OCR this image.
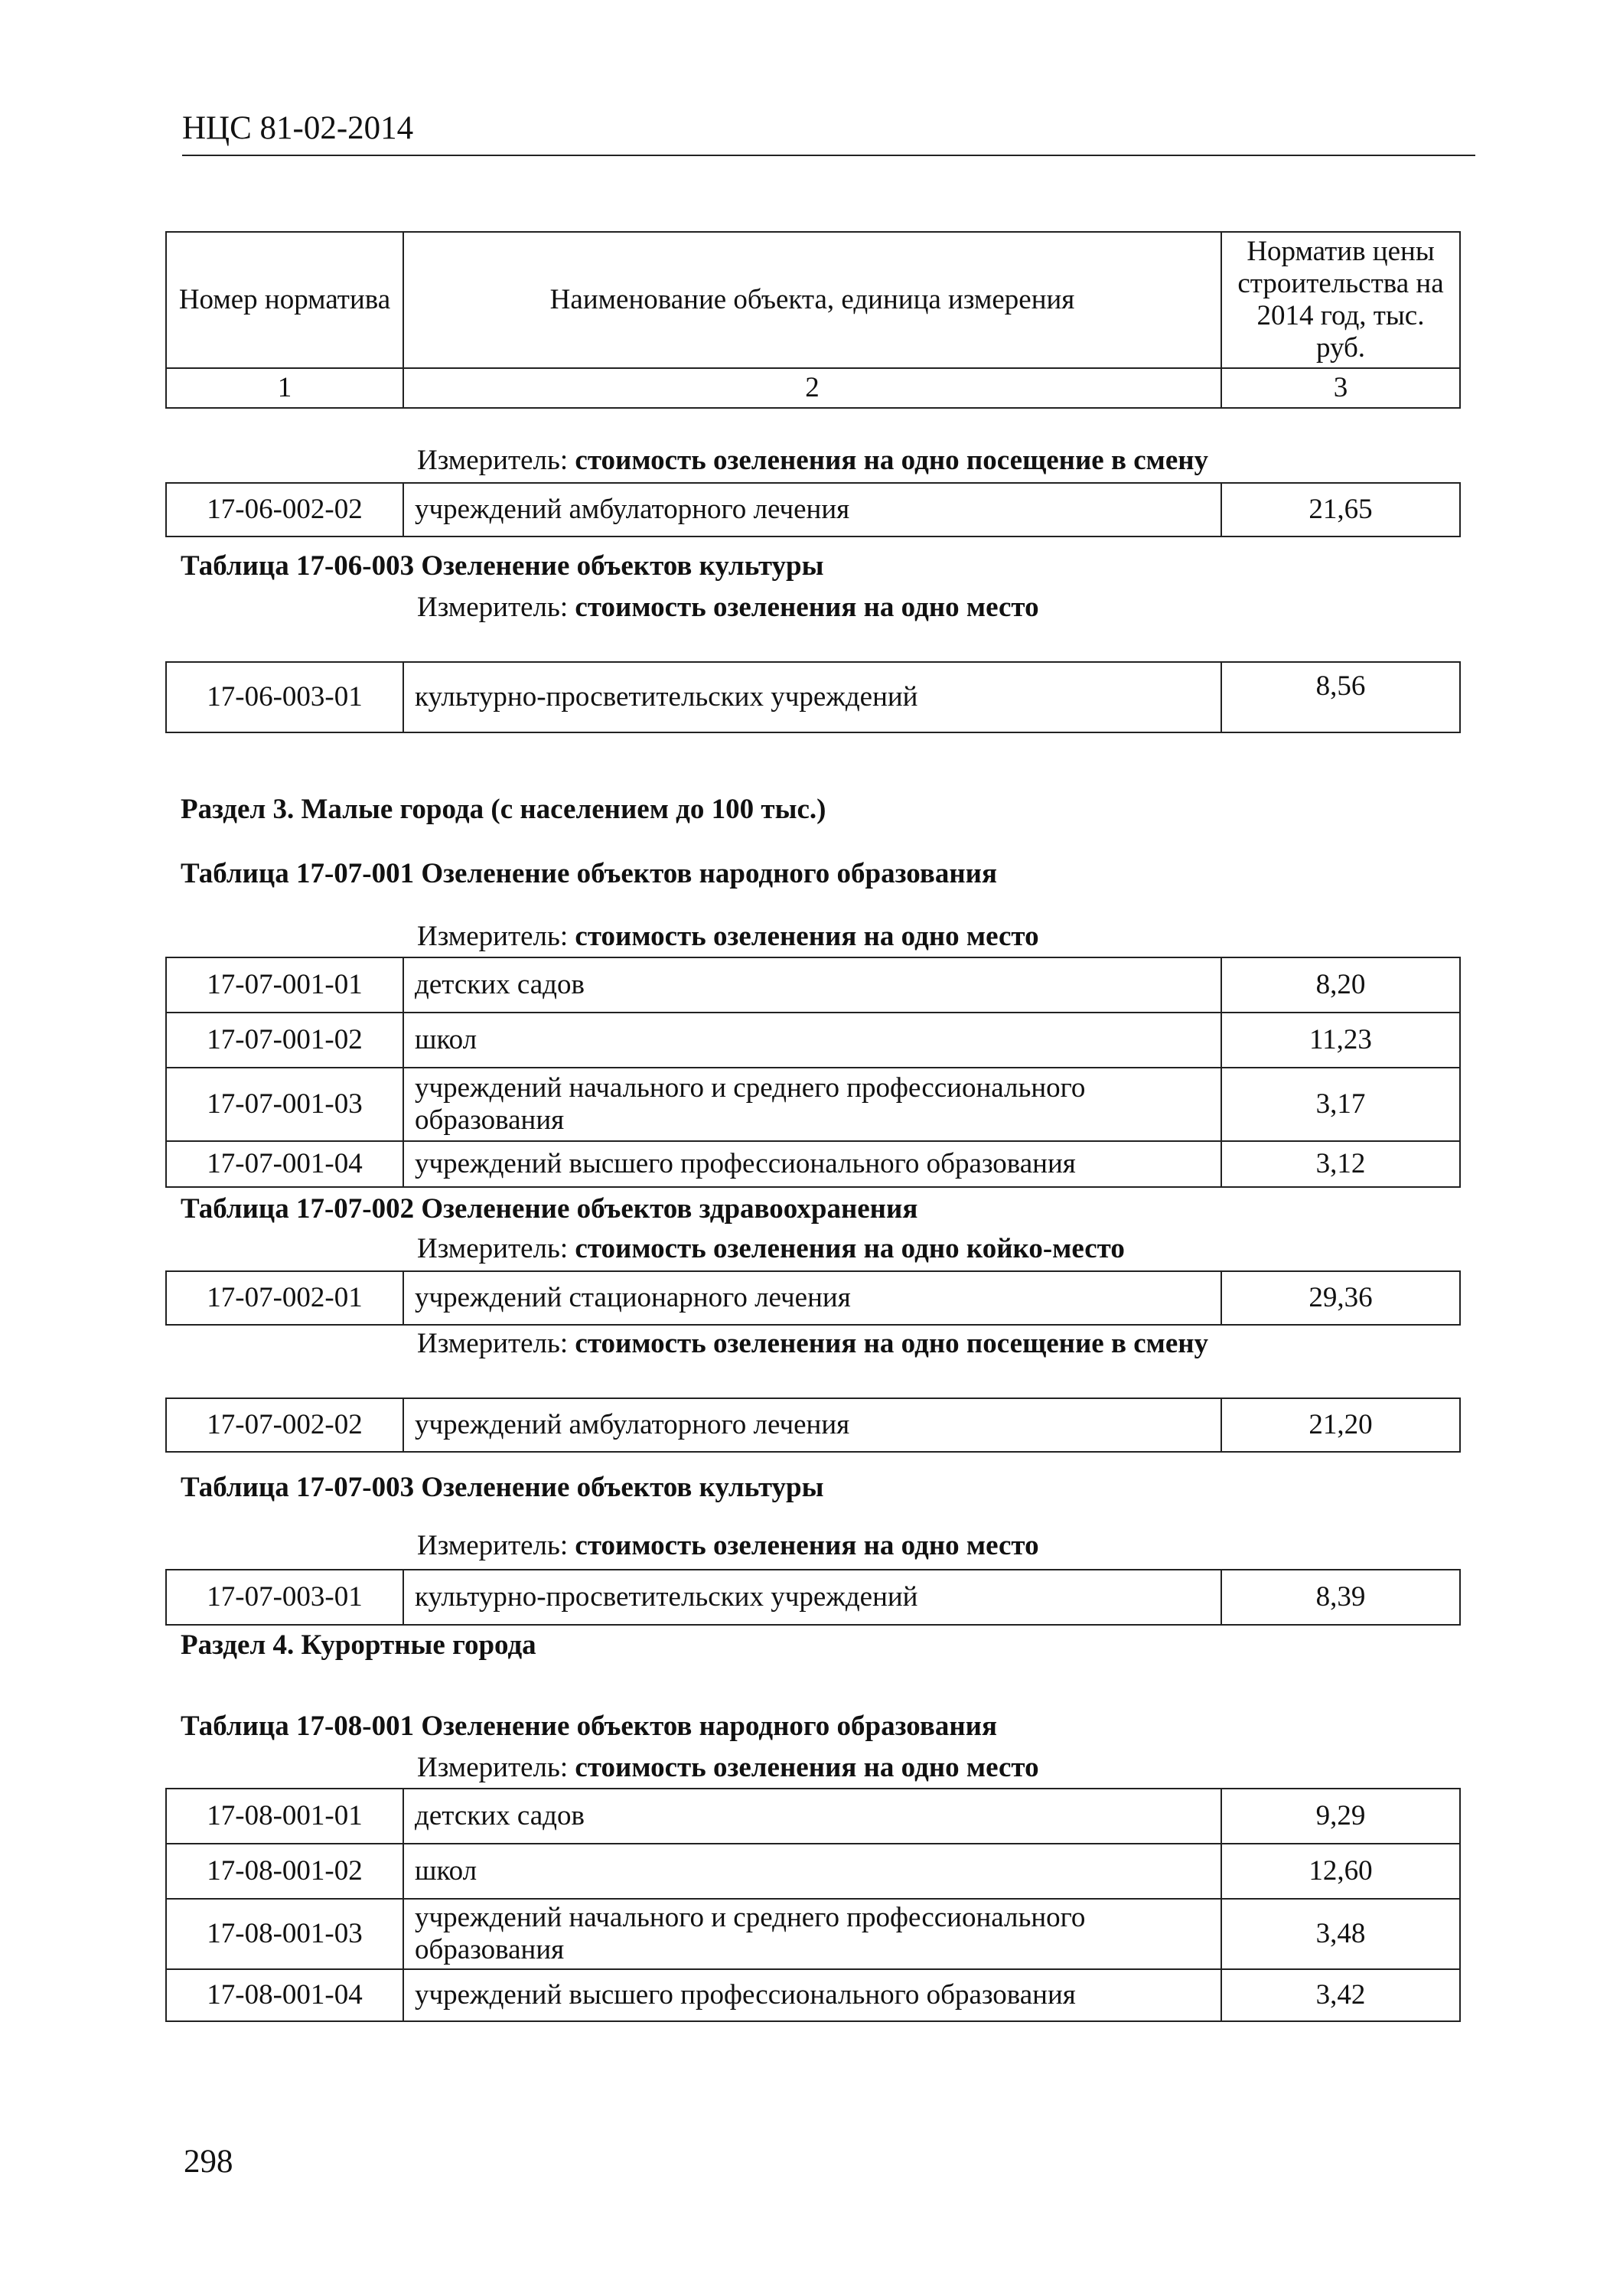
НЦС 81-02-2014
Номер норматива	Наименование объекта, единица измерения	Норматив цены строительства на 2014 год, тыс. руб.
1	2	3
Измеритель: стоимость озеленения на одно посещение в смену
17-06-002-02	учреждений амбулаторного лечения	21,65
Таблица 17-06-003 Озеленение объектов культуры
Измеритель: стоимость озеленения на одно место
17-06-003-01	культурно-просветительских учреждений	8,56
Раздел 3. Малые города (с населением до 100 тыс.)
Таблица 17-07-001 Озеленение объектов народного образования
Измеритель: стоимость озеленения на одно место
17-07-001-01	детских садов	8,20
17-07-001-02	школ	11,23
17-07-001-03	учреждений начального и среднего профессионального образования	3,17
17-07-001-04	учреждений высшего профессионального образования	3,12
Таблица 17-07-002 Озеленение объектов здравоохранения
Измеритель: стоимость озеленения на одно койко-место
17-07-002-01	учреждений стационарного лечения	29,36
Измеритель: стоимость озеленения на одно посещение в смену
17-07-002-02	учреждений амбулаторного лечения	21,20
Таблица 17-07-003 Озеленение объектов культуры
Измеритель: стоимость озеленения на одно место
17-07-003-01	культурно-просветительских учреждений	8,39
Раздел 4. Курортные города
Таблица 17-08-001 Озеленение объектов народного образования
Измеритель: стоимость озеленения на одно место
17-08-001-01	детских садов	9,29
17-08-001-02	школ	12,60
17-08-001-03	учреждений начального и среднего профессионального образования	3,48
17-08-001-04	учреждений высшего профессионального образования	3,42
298
